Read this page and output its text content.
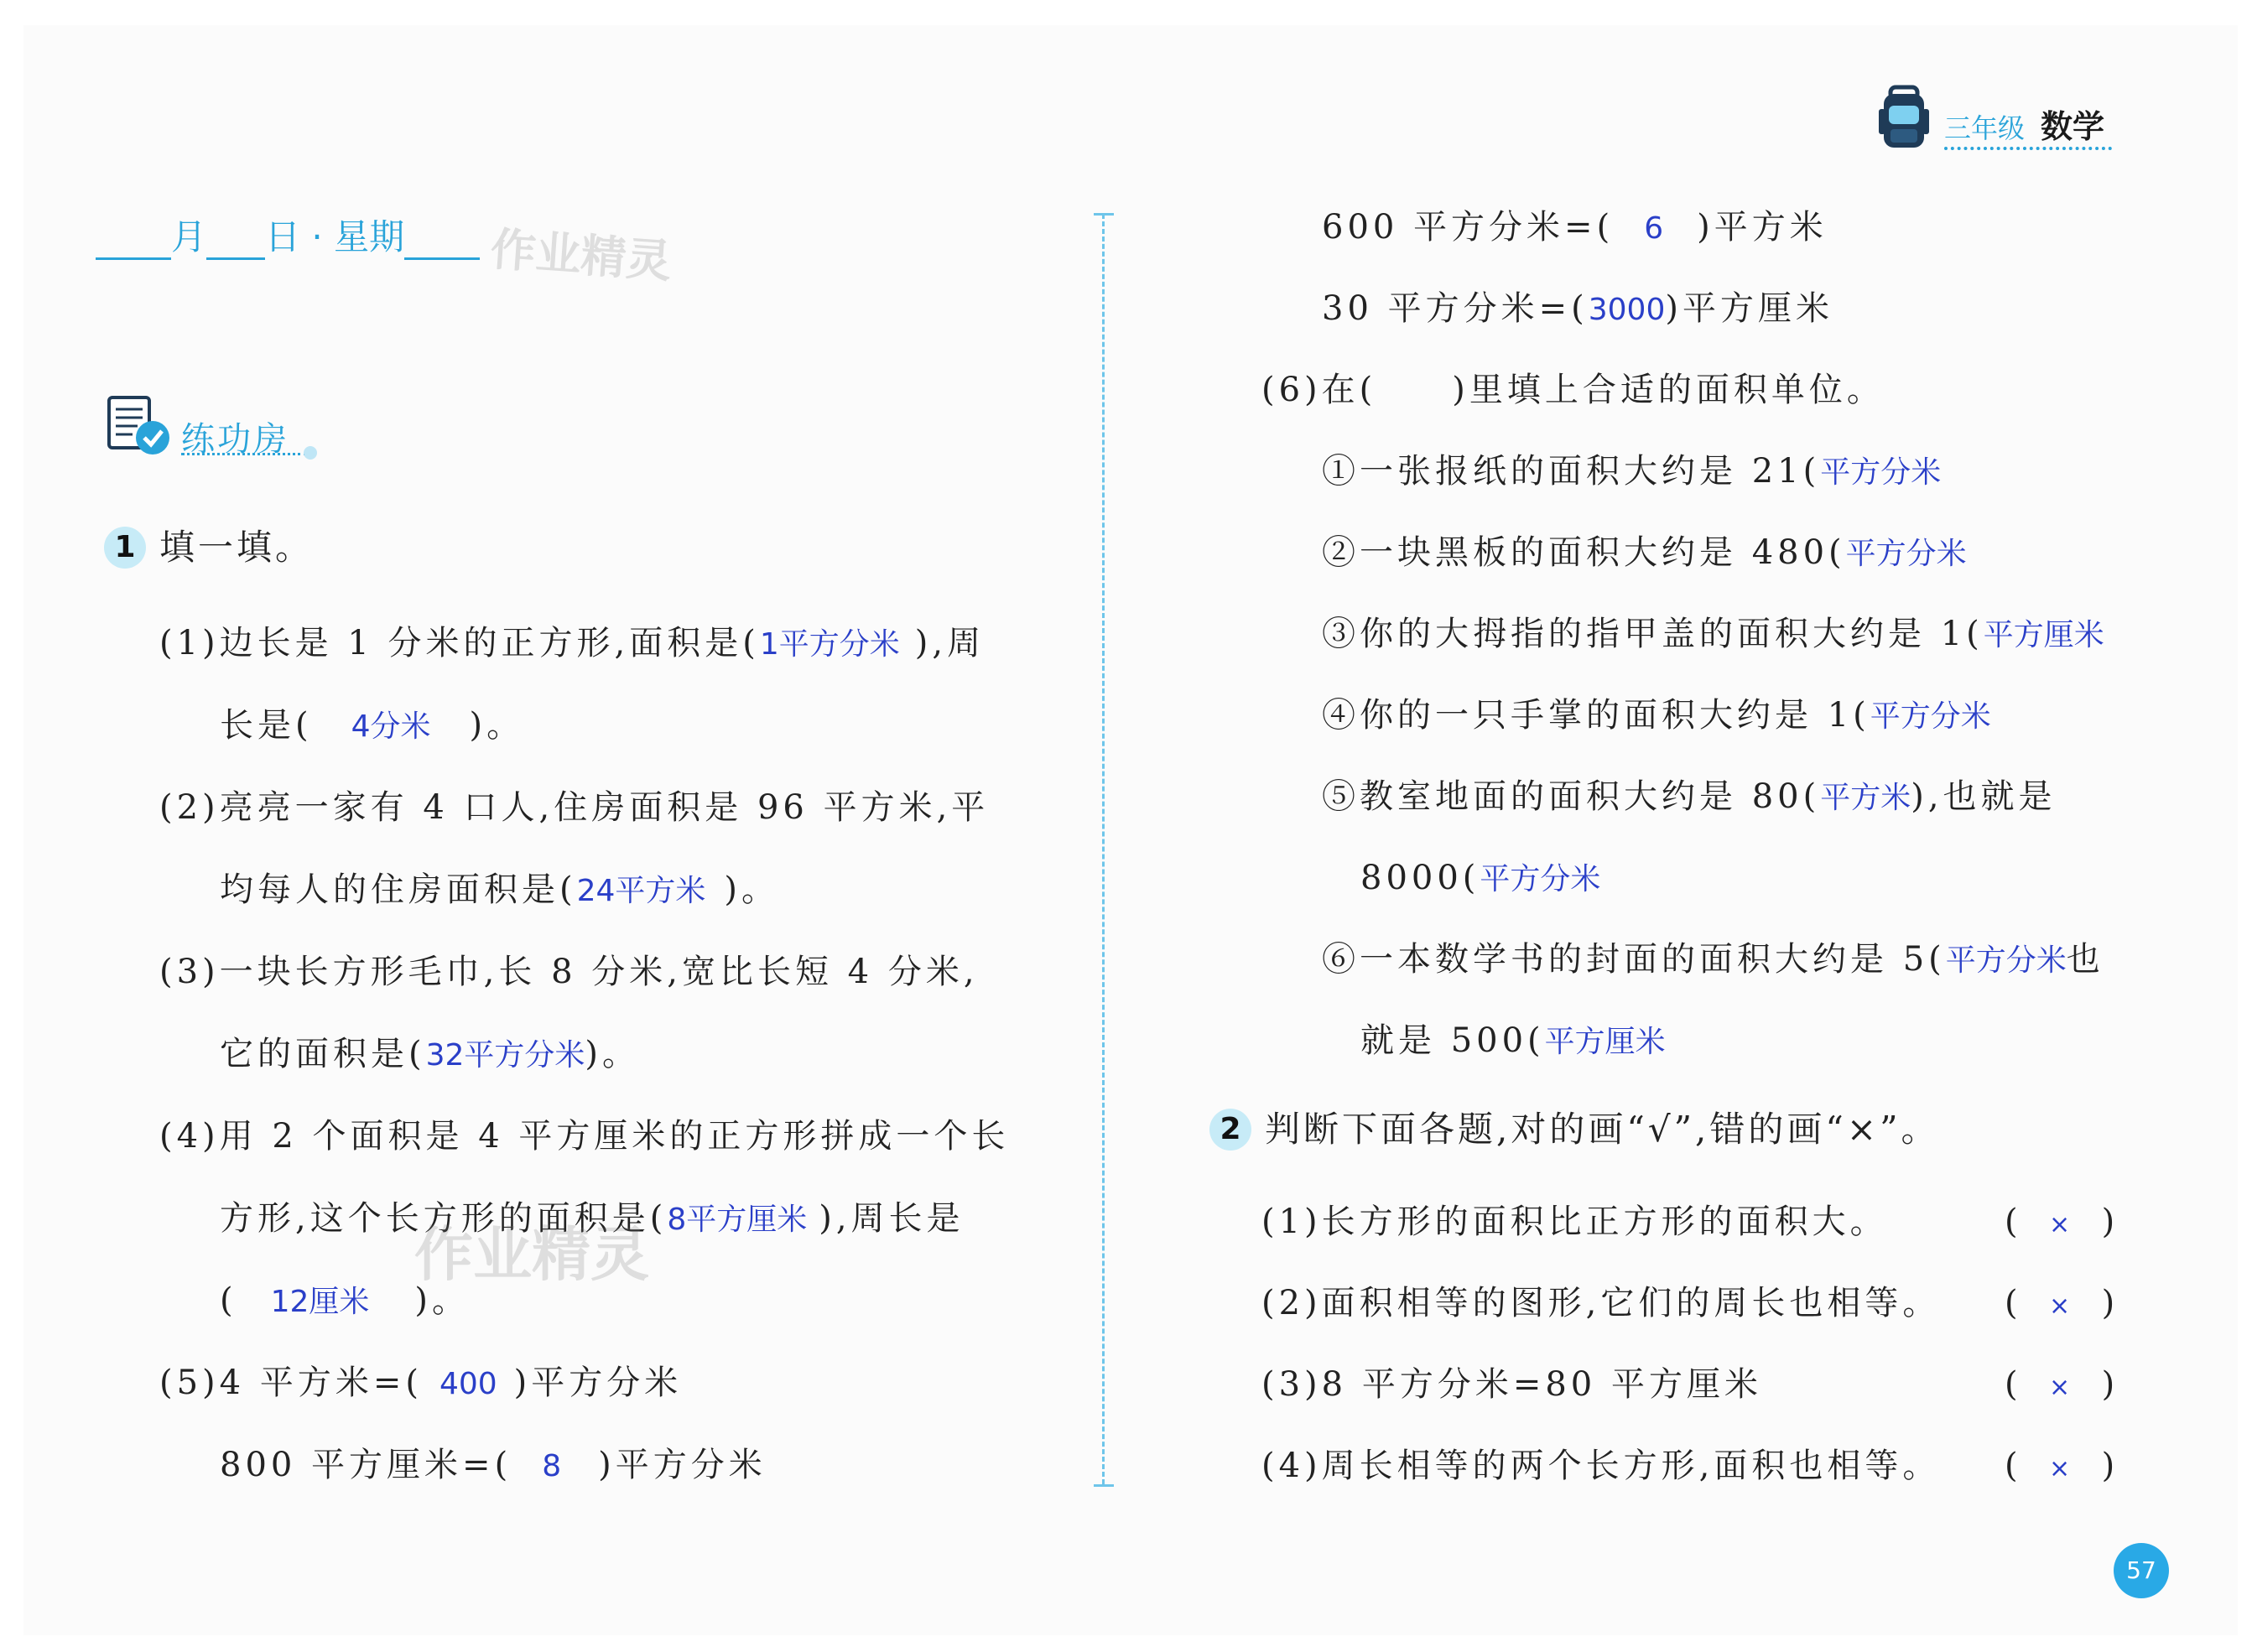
三年级 数学
月 日 · 星期	作业精灵
练功房
1 填一填。
(1)边长是 1 分米的正方形,面积是(1平方分米 ),周
长是( 4分米 )。
(2)亮亮一家有 4 口人,住房面积是 96 平方米,平
均每人的住房面积是(24平方米 )。
(3)一块长方形毛巾,长 8 分米,宽比长短 4 分米,
它的面积是(32平方分米)。
(4)用 2 个面积是 4 平方厘米的正方形拼成一个长
方形,这个长方形的面积是(8平方厘米 ),周长是
作业精灵
( 12厘米 )。
(5)4 平方米=( 400 )平方分米
800 平方厘米=( 8 )平方分米
600 平方分米=( 6 )平方米
30 平方分米=(3000)平方厘米
(6)在(　　)里填上合适的面积单位。
①一张报纸的面积大约是 21(平方分米
②一块黑板的面积大约是 480(平方分米
③你的大拇指的指甲盖的面积大约是 1(平方厘米
④你的一只手掌的面积大约是 1(平方分米
⑤教室地面的面积大约是 80(平方米),也就是
8000(平方分米
⑥一本数学书的封面的面积大约是 5(平方分米也
就是 500(平方厘米
2 判断下面各题,对的画“√”,错的画“×”。
(1)长方形的面积比正方形的面积大。	( × )
(2)面积相等的图形,它们的周长也相等。 ( × )
(3)8 平方分米=80 平方厘米	( × )
(4)周长相等的两个长方形,面积也相等。 ( × )
57
